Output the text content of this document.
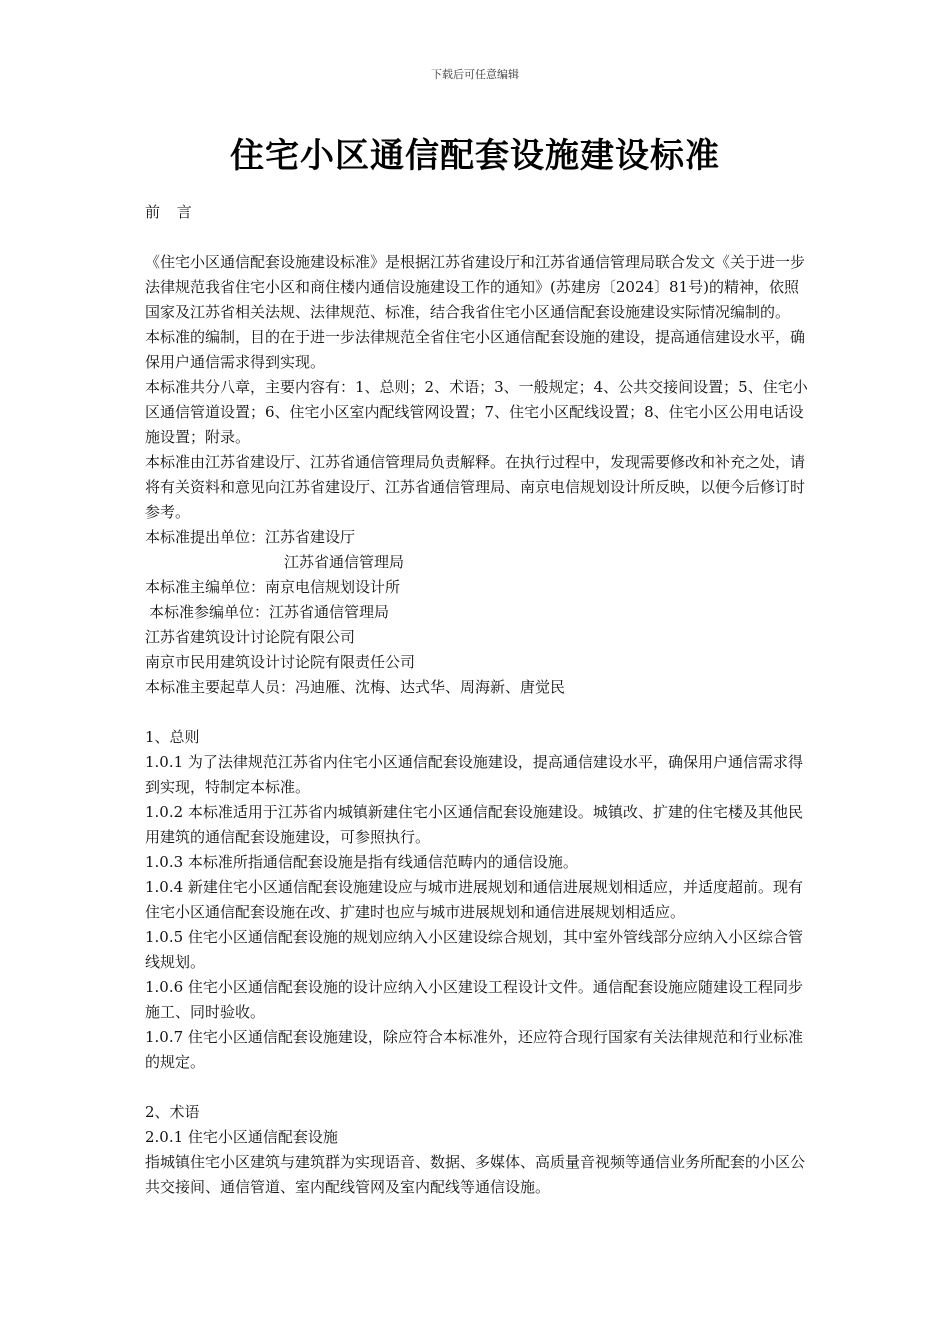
下载后可任意编辑
住宅小区通信配套设施建设标准

前 言

《住宅小区通信配套设施建设标准》是根据江苏省建设厅和江苏省通信管理局联合发文《关于进一步法律规范我省住宅小区和商住楼内通信设施建设工作的通知》(苏建房〔2024〕81号)的精神，依照国家及江苏省相关法规、法律规范、标准，结合我省住宅小区通信配套设施建设实际情况编制的。

本标准的编制，目的在于进一步法律规范全省住宅小区通信配套设施的建设，提高通信建设水平，确保用户通信需求得到实现。

本标准共分八章，主要内容有：1、总则；2、术语；3、一般规定；4、公共交接间设置；5、住宅小区通信管道设置；6、住宅小区室内配线管网设置；7、住宅小区配线设置；8、住宅小区公用电话设施设置；附录。

本标准由江苏省建设厅、江苏省通信管理局负责解释。在执行过程中，发现需要修改和补充之处，请将有关资料和意见向江苏省建设厅、江苏省通信管理局、南京电信规划设计所反映，以便今后修订时参考。

本标准提出单位：江苏省建设厅

江苏省通信管理局

本标准主编单位：南京电信规划设计所

本标准参编单位：江苏省通信管理局

江苏省建筑设计讨论院有限公司

南京市民用建筑设计讨论院有限责任公司

本标准主要起草人员：冯迪雁、沈梅、达式华、周海新、唐觉民

1、总则

1.0.1 为了法律规范江苏省内住宅小区通信配套设施建设，提高通信建设水平，确保用户通信需求得到实现，特制定本标准。

1.0.2 本标准适用于江苏省内城镇新建住宅小区通信配套设施建设。城镇改、扩建的住宅楼及其他民用建筑的通信配套设施建设，可参照执行。

1.0.3 本标准所指通信配套设施是指有线通信范畴内的通信设施。

1.0.4 新建住宅小区通信配套设施建设应与城市进展规划和通信进展规划相适应，并适度超前。现有住宅小区通信配套设施在改、扩建时也应与城市进展规划和通信进展规划相适应。

1.0.5 住宅小区通信配套设施的规划应纳入小区建设综合规划，其中室外管线部分应纳入小区综合管线规划。

1.0.6 住宅小区通信配套设施的设计应纳入小区建设工程设计文件。通信配套设施应随建设工程同步施工、同时验收。

1.0.7 住宅小区通信配套设施建设，除应符合本标准外，还应符合现行国家有关法律规范和行业标准的规定。

2、术语

2.0.1 住宅小区通信配套设施

指城镇住宅小区建筑与建筑群为实现语音、数据、多媒体、高质量音视频等通信业务所配套的小区公共交接间、通信管道、室内配线管网及室内配线等通信设施。
